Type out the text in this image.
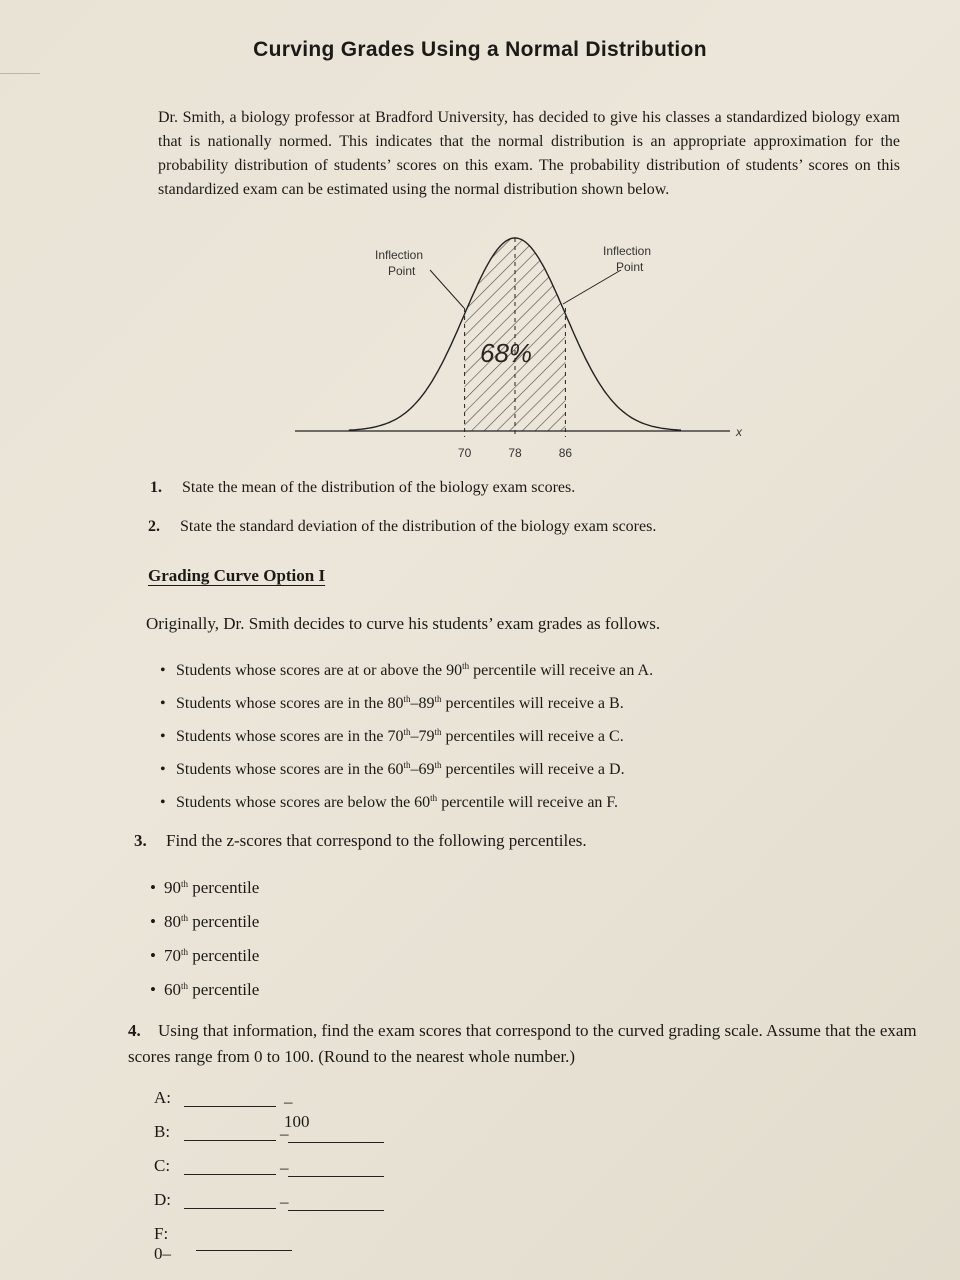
Curving Grades Using a Normal Distribution
Dr. Smith, a biology professor at Bradford University, has decided to give his classes a standardized biology exam that is nationally normed. This indicates that the normal distribution is an appropriate approximation for the probability distribution of students’ scores on this exam. The probability distribution of students’ scores on this standardized exam can be estimated using the normal distribution shown below.
Inflection
Point
Inflection
Point
x
70	78	86
68%
1. State the mean of the distribution of the biology exam scores.
2. State the standard deviation of the distribution of the biology exam scores.
Grading Curve Option I
Originally, Dr. Smith decides to curve his students’ exam grades as follows.
• Students whose scores are at or above the 90th percentile will receive an A.
• Students whose scores are in the 80th–89th percentiles will receive a B.
• Students whose scores are in the 70th–79th percentiles will receive a C.
• Students whose scores are in the 60th–69th percentiles will receive a D.
• Students whose scores are below the 60th percentile will receive an F.
3. Find the z-scores that correspond to the following percentiles.
• 90th percentile
• 80th percentile
• 70th percentile
• 60th percentile
4. Using that information, find the exam scores that correspond to the curved grading scale. Assume that the exam scores range from 0 to 100. (Round to the nearest whole number.)
A:	–100
B:	–
C:	–
D:	–
F: 0–
